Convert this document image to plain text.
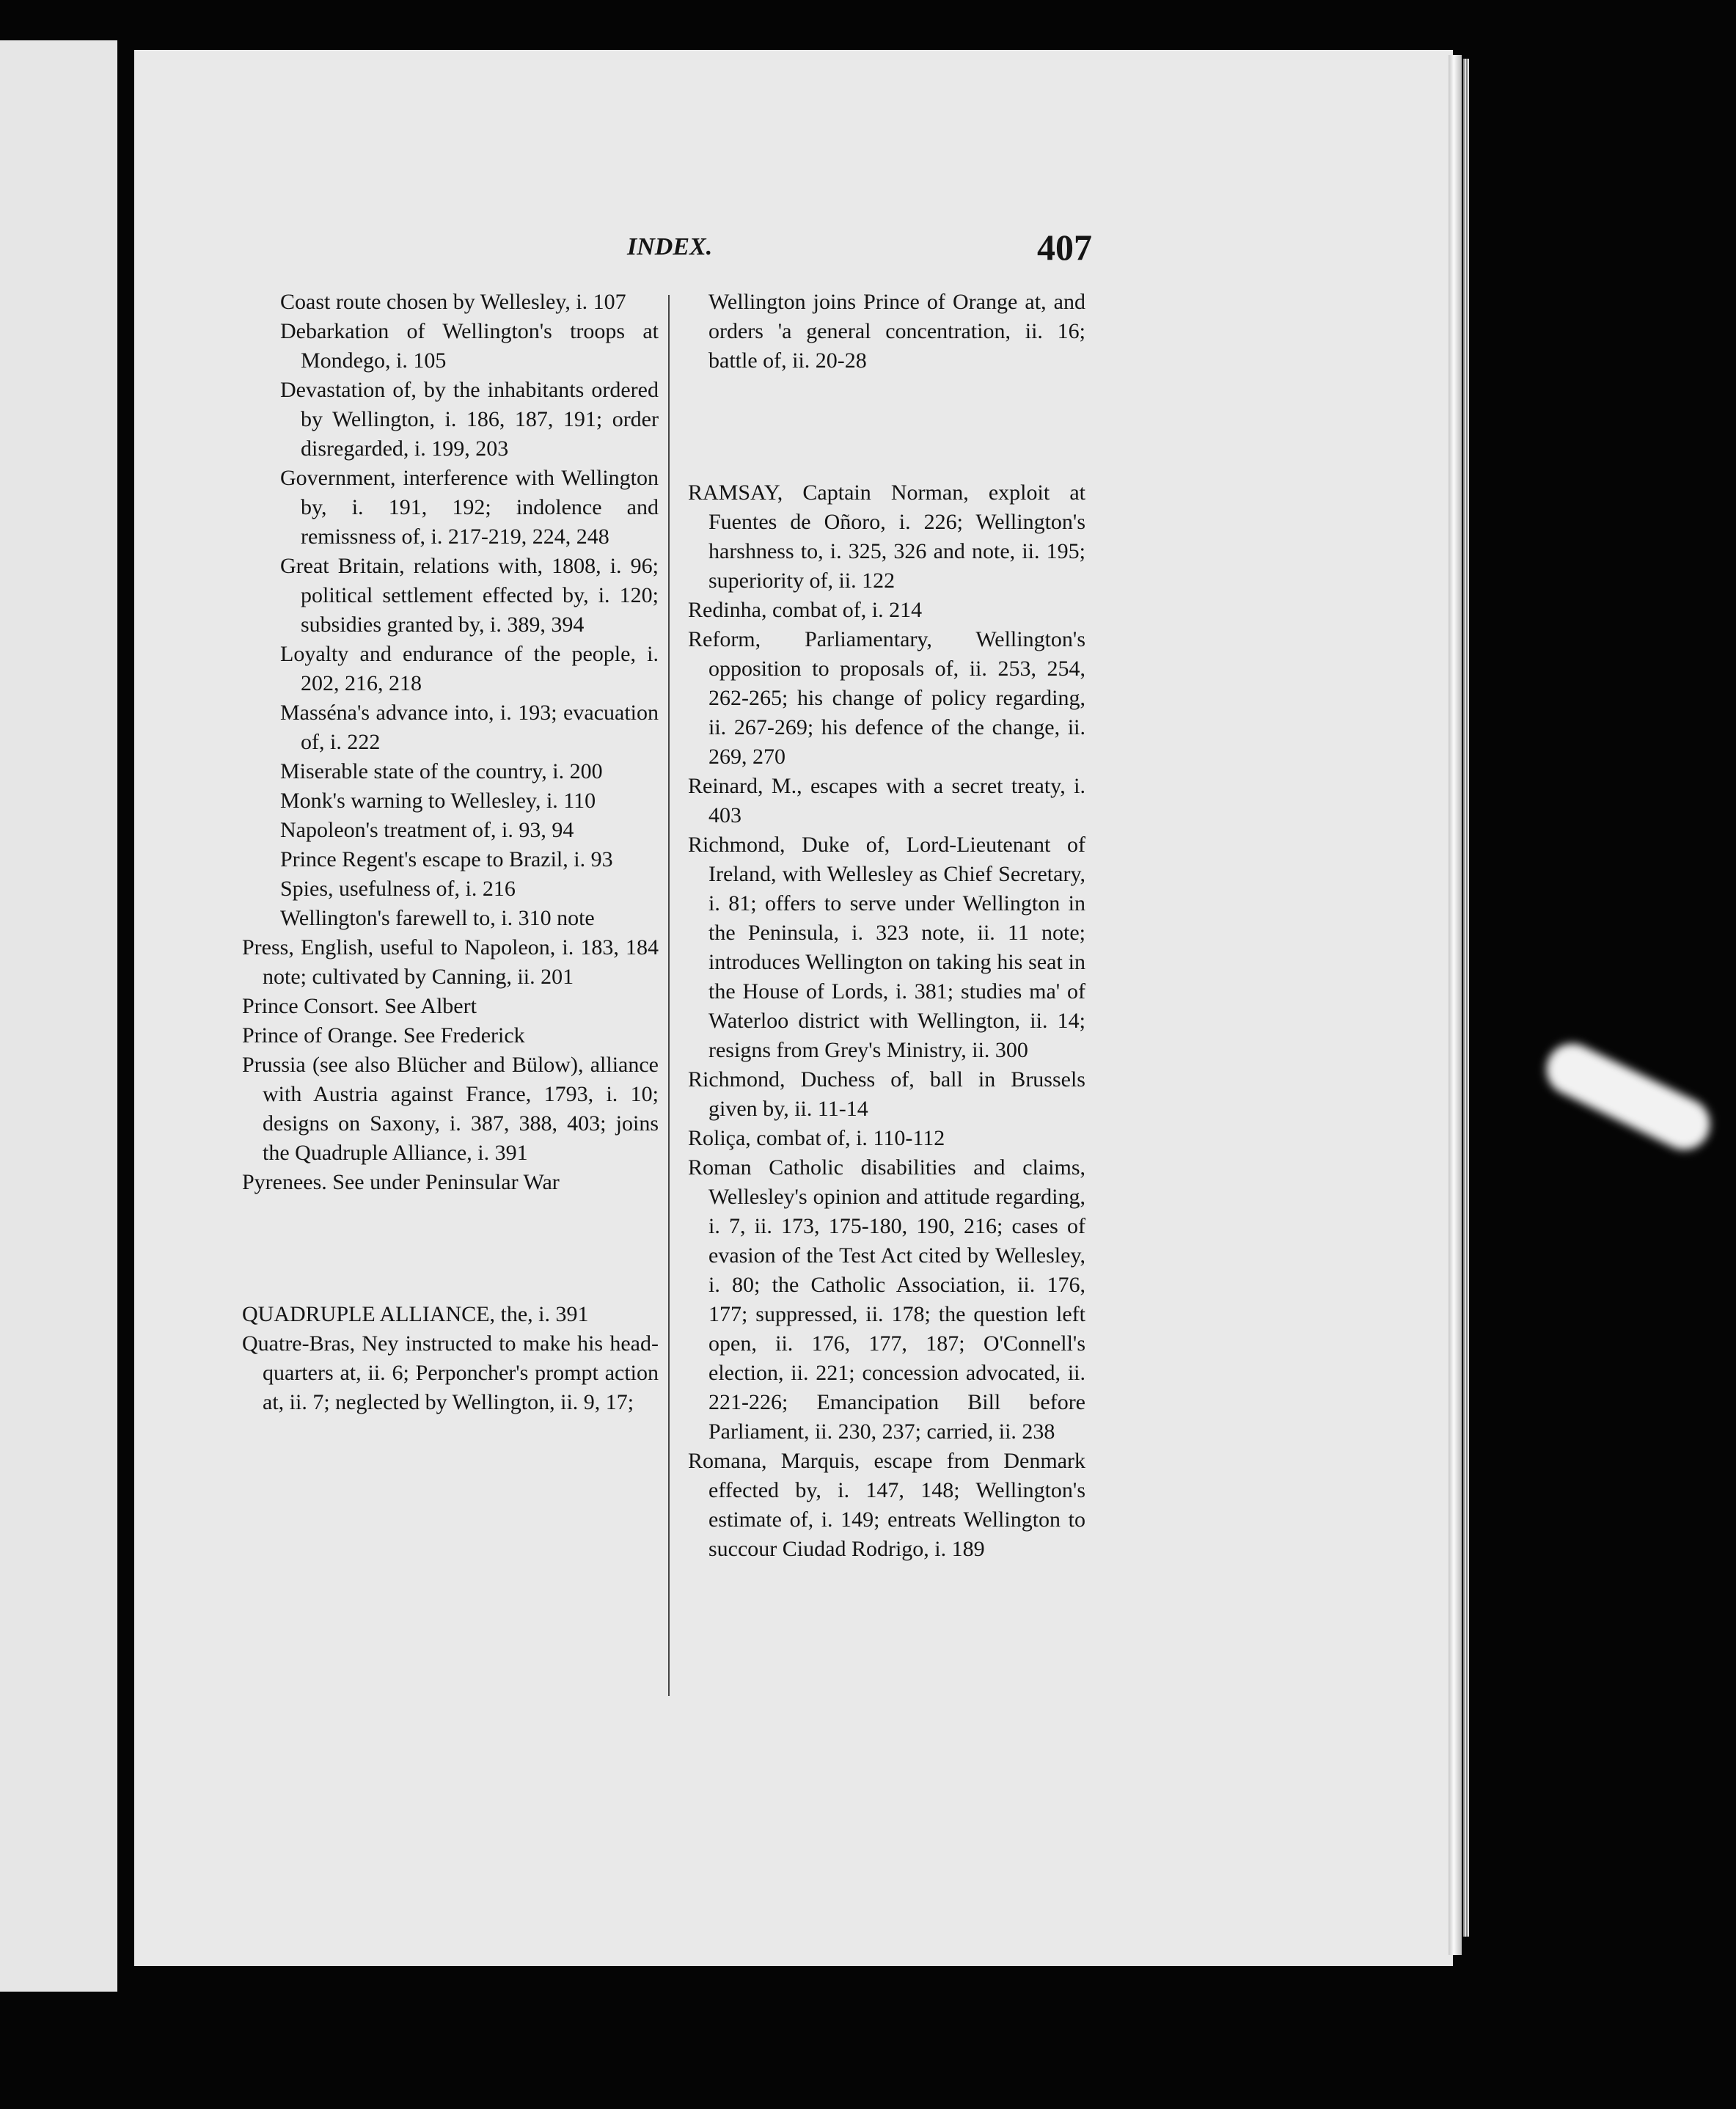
INDEX.	407

Coast route chosen by Wellesley, i. 107

Debarkation of Wellington's troops at Mondego, i. 105

Devastation of, by the inhabitants ordered by Wellington, i. 186, 187, 191; order disregarded, i. 199, 203

Government, interference with Wellington by, i. 191, 192; indolence and remissness of, i. 217-219, 224, 248

Great Britain, relations with, 1808, i. 96; political settlement effected by, i. 120; subsidies granted by, i. 389, 394

Loyalty and endurance of the people, i. 202, 216, 218

Masséna's advance into, i. 193; evacuation of, i. 222

Miserable state of the country, i. 200

Monk's warning to Wellesley, i. 110

Napoleon's treatment of, i. 93, 94

Prince Regent's escape to Brazil, i. 93

Spies, usefulness of, i. 216

Wellington's farewell to, i. 310 note

Press, English, useful to Napoleon, i. 183, 184 note; cultivated by Canning, ii. 201

Prince Consort. See Albert

Prince of Orange. See Frederick

Prussia (see also Blücher and Bülow), alliance with Austria against France, 1793, i. 10; designs on Saxony, i. 387, 388, 403; joins the Quadruple Alliance, i. 391

Pyrenees. See under Peninsular War

QUADRUPLE ALLIANCE, the, i. 391

Quatre-Bras, Ney instructed to make his head-quarters at, ii. 6; Perponcher's prompt action at, ii. 7; neglected by Wellington, ii. 9, 17;

Wellington joins Prince of Orange at, and orders 'a general concentration, ii. 16; battle of, ii. 20-28

RAMSAY, Captain Norman, exploit at Fuentes de Oñoro, i. 226; Wellington's harshness to, i. 325, 326 and note, ii. 195; superiority of, ii. 122

Redinha, combat of, i. 214

Reform, Parliamentary, Wellington's opposition to proposals of, ii. 253, 254, 262-265; his change of policy regarding, ii. 267-269; his defence of the change, ii. 269, 270

Reinard, M., escapes with a secret treaty, i. 403

Richmond, Duke of, Lord-Lieutenant of Ireland, with Wellesley as Chief Secretary, i. 81; offers to serve under Wellington in the Peninsula, i. 323 note, ii. 11 note; introduces Wellington on taking his seat in the House of Lords, i. 381; studies ma' of Waterloo district with Wellington, ii. 14; resigns from Grey's Ministry, ii. 300

Richmond, Duchess of, ball in Brussels given by, ii. 11-14

Roliça, combat of, i. 110-112

Roman Catholic disabilities and claims, Wellesley's opinion and attitude regarding, i. 7, ii. 173, 175-180, 190, 216; cases of evasion of the Test Act cited by Wellesley, i. 80; the Catholic Association, ii. 176, 177; suppressed, ii. 178; the question left open, ii. 176, 177, 187; O'Connell's election, ii. 221; concession advocated, ii. 221-226; Emancipation Bill before Parliament, ii. 230, 237; carried, ii. 238

Romana, Marquis, escape from Denmark effected by, i. 147, 148; Wellington's estimate of, i. 149; entreats Wellington to succour Ciudad Rodrigo, i. 189
